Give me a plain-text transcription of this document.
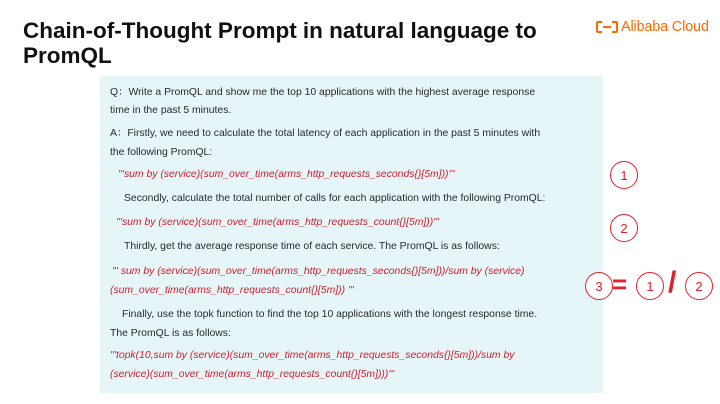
Chain-of-Thought Prompt in natural language to PromQL
Alibaba Cloud
Q：Write a PromQL and show me the top 10 applications with the highest average response
time in the past 5 minutes.
A：Firstly, we need to calculate the total latency of each application in the past 5 minutes with
the following PromQL:
'''sum by (service)(sum_over_time(arms_http_requests_seconds{}[5m]))'''
Secondly, calculate the total number of calls for each application with the following PromQL:
'''sum by (service)(sum_over_time(arms_http_requests_count{}[5m]))'''
Thirdly, get the average response time of each service. The PromQL is as follows:
''' sum by (service)(sum_over_time(arms_http_requests_seconds{}[5m]))/sum by (service)
(sum_over_time(arms_http_requests_count{}[5m])) '''
Finally, use the topk function to find the top 10 applications with the longest response time.
The PromQL is as follows:
'''topk(10,sum by (service)(sum_over_time(arms_http_requests_seconds{}[5m]))/sum by
(service)(sum_over_time(arms_http_requests_count{}[5m])))'''
1
2
3 =	1 /	2
